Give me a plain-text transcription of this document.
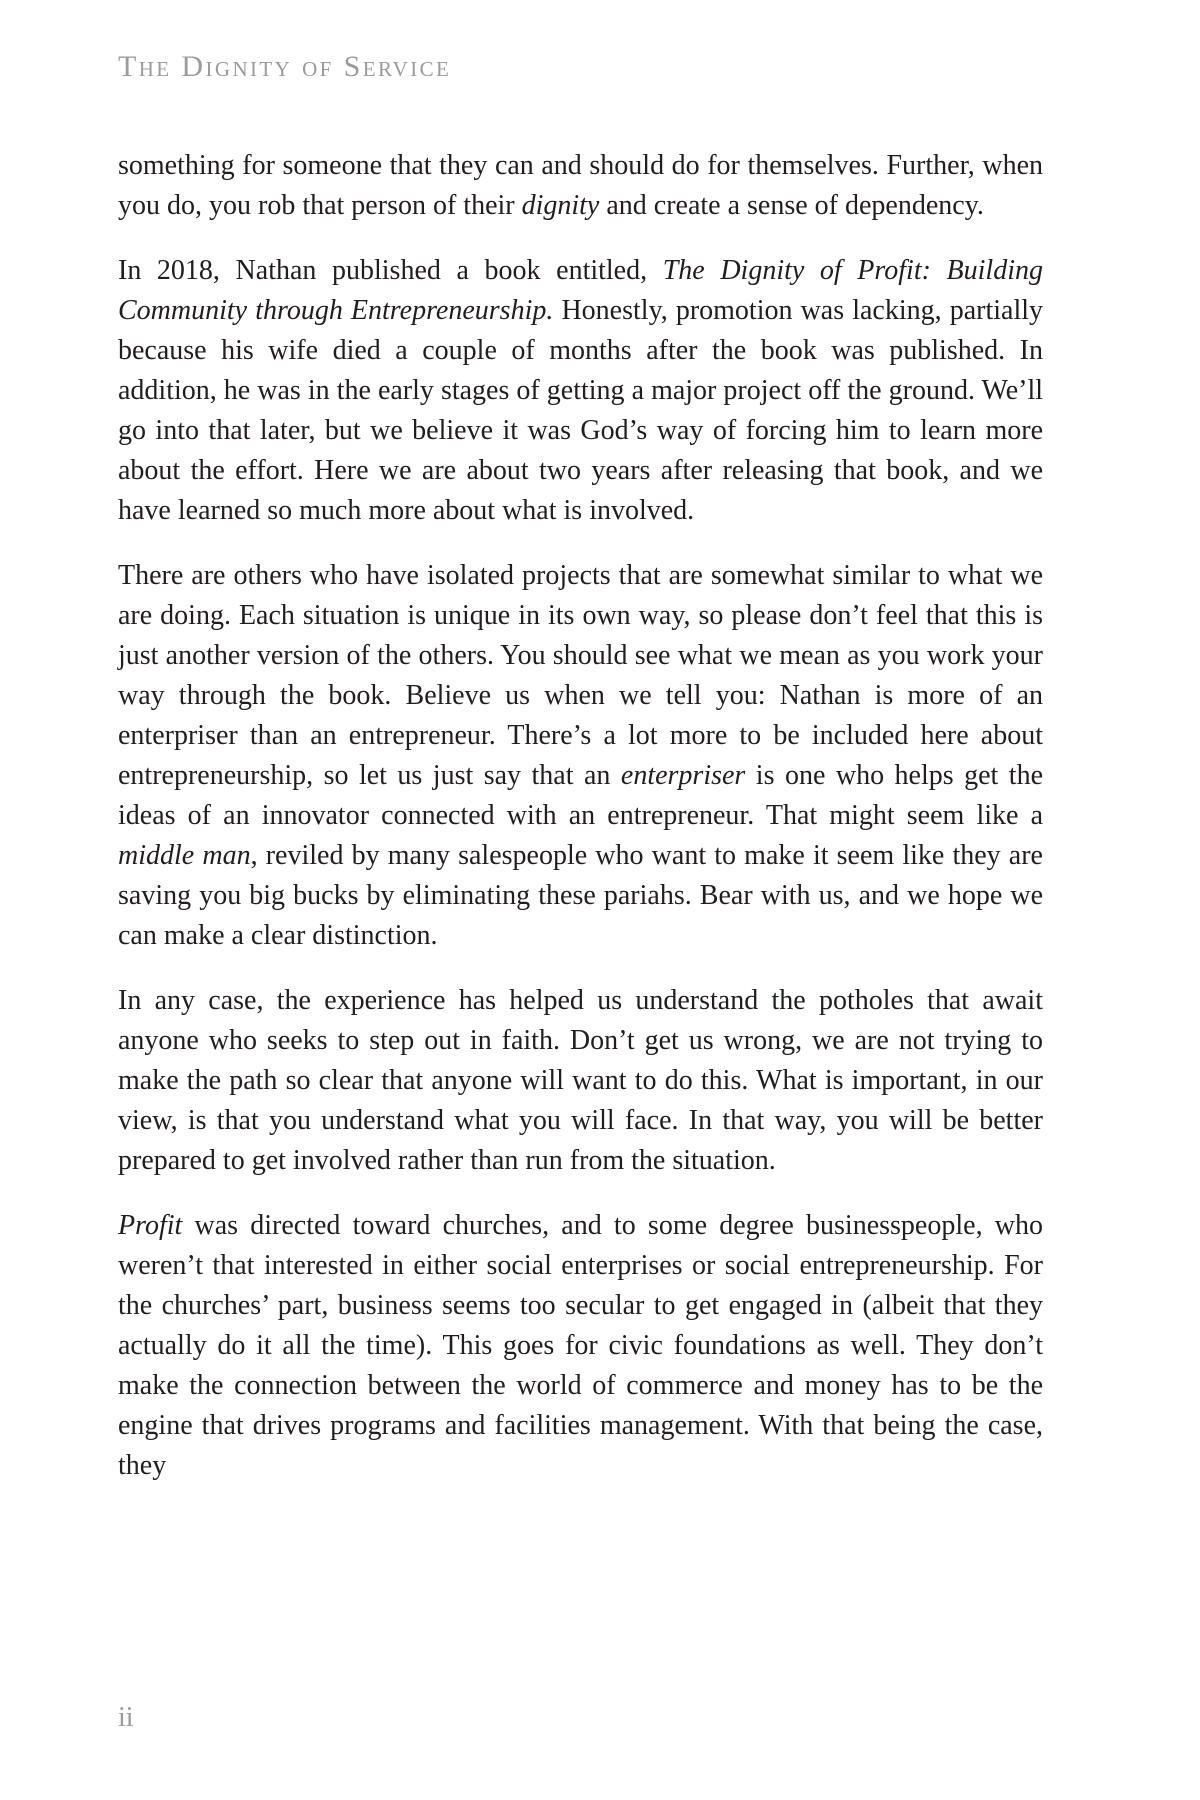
The Dignity of Service

something for someone that they can and should do for themselves. Further, when you do, you rob that person of their dignity and create a sense of dependency.

In 2018, Nathan published a book entitled, The Dignity of Profit: Building Community through Entrepreneurship. Honestly, promotion was lacking, partially because his wife died a couple of months after the book was published. In addition, he was in the early stages of getting a major project off the ground. We’ll go into that later, but we believe it was God’s way of forcing him to learn more about the effort. Here we are about two years after releasing that book, and we have learned so much more about what is involved.

There are others who have isolated projects that are somewhat similar to what we are doing. Each situation is unique in its own way, so please don’t feel that this is just another version of the others. You should see what we mean as you work your way through the book. Believe us when we tell you: Nathan is more of an enterpriser than an entrepreneur. There’s a lot more to be included here about entrepreneurship, so let us just say that an enterpriser is one who helps get the ideas of an innovator connected with an entrepreneur. That might seem like a middle man, reviled by many salespeople who want to make it seem like they are saving you big bucks by eliminating these pariahs. Bear with us, and we hope we can make a clear distinction.

In any case, the experience has helped us understand the potholes that await anyone who seeks to step out in faith. Don’t get us wrong, we are not trying to make the path so clear that anyone will want to do this. What is important, in our view, is that you understand what you will face. In that way, you will be better prepared to get involved rather than run from the situation.

Profit was directed toward churches, and to some degree businesspeople, who weren’t that interested in either social enterprises or social entrepreneurship. For the churches’ part, business seems too secular to get engaged in (albeit that they actually do it all the time). This goes for civic foundations as well. They don’t make the connection between the world of commerce and money has to be the engine that drives programs and facilities management. With that being the case, they

ii
